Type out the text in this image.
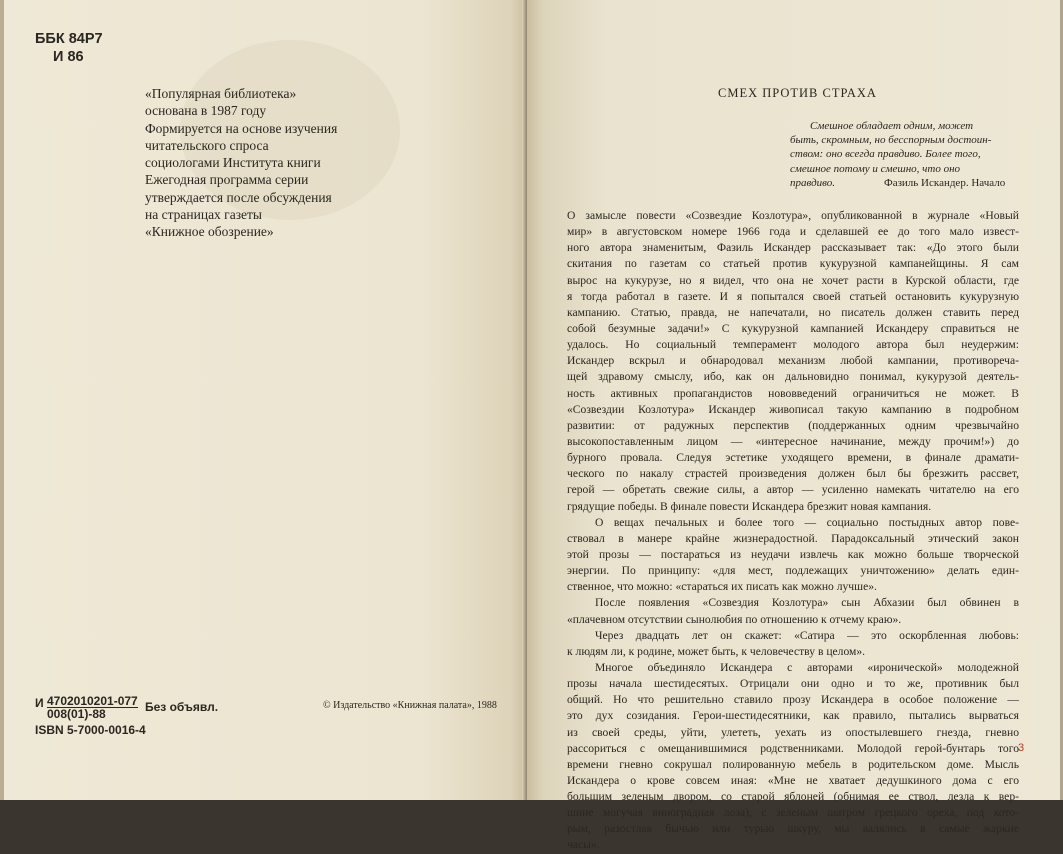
ББК 84Р7
И 86
«Популярная библиотека»
основана в 1987 году
Формируется на основе изучения
читательского спроса
социологами Института книги
Ежегодная программа серии
утверждается после обсуждения
на страницах газеты
«Книжное обозрение»
И $\frac{4702010201-077}{008(01)-88}$
ISBN 5-7000-0016-4
Без объявл.	© Издательство «Книжная палата», 1988
СМЕХ ПРОТИВ СТРАХА
Смешное обладает одним, может
быть, скромным, но бесспорным достоин-
ством: оно всегда правдиво. Более того,
смешное потому и смешно, что оно
правдиво.	Фазиль Искандер. Начало
О замысле повести «Созвездие Козлотура», опубликованной в журнале «Новый
мир» в августовском номере 1966 года и сделавшей ее до того мало извест-
ного автора знаменитым, Фазиль Искандер рассказывает так: «До этого были
скитания по газетам со статьей против кукурузной кампанейщины. Я сам
вырос на кукурузе, но я видел, что она не хочет расти в Курской области, где
я тогда работал в газете. И я попытался своей статьей остановить кукурузную
кампанию. Статью, правда, не напечатали, но писатель должен ставить перед
собой безумные задачи!» С кукурузной кампанией Искандеру справиться не
удалось. Но социальный темперамент молодого автора был неудержим:
Искандер вскрыл и обнародовал механизм любой кампании, противореча-
щей здравому смыслу, ибо, как он дальновидно понимал, кукурузой деятель-
ность активных пропагандистов нововведений ограничиться не может. В
«Созвездии Козлотура» Искандер живописал такую кампанию в подробном
развитии: от радужных перспектив (поддержанных одним чрезвычайно
высокопоставленным лицом — «интересное начинание, между прочим!») до
бурного провала. Следуя эстетике уходящего времени, в финале драмати-
ческого по накалу страстей произведения должен был бы брезжить рассвет,
герой — обретать свежие силы, а автор — усиленно намекать читателю на его
грядущие победы. В финале повести Искандера брезжит новая кампания.
О вещах печальных и более того — социально постыдных автор пове-
ствовал в манере крайне жизнерадостной. Парадоксальный этический закон
этой прозы — постараться из неудачи извлечь как можно больше творческой
энергии. По принципу: «для мест, подлежащих уничтожению» делать един-
ственное, что можно: «стараться их писать как можно лучше».
После появления «Созвездия Козлотура» сын Абхазии был обвинен в
«плачевном отсутствии сынолюбия по отношению к отчему краю».
Через двадцать лет он скажет: «Сатира — это оскорбленная любовь:
к людям ли, к родине, может быть, к человечеству в целом».
Многое объединяло Искандера с авторами «иронической» молодежной
прозы начала шестидесятых. Отрицали они одно и то же, противник был
общий. Но что решительно ставило прозу Искандера в особое положение —
это дух созидания. Герои-шестидесятники, как правило, пытались вырваться
из своей среды, уйти, улететь, уехать из опостылевшего гнезда, гневно
рассориться с омещанившимися родственниками. Молодой герой-бунтарь того
времени гневно сокрушал полированную мебель в родительском доме. Мысль
Искандера о крове совсем иная: «Мне не хватает дедушкиного дома с его
большим зеленым двором, со старой яблоней (обнимая ее ствол, лезла к вер-
шине могучая виноградная лоза), с зеленым шатром грецкого ореха, под кото-
рым, разостлав бычью или турью шкуру, мы валялись в самые жаркие
часы».
3
